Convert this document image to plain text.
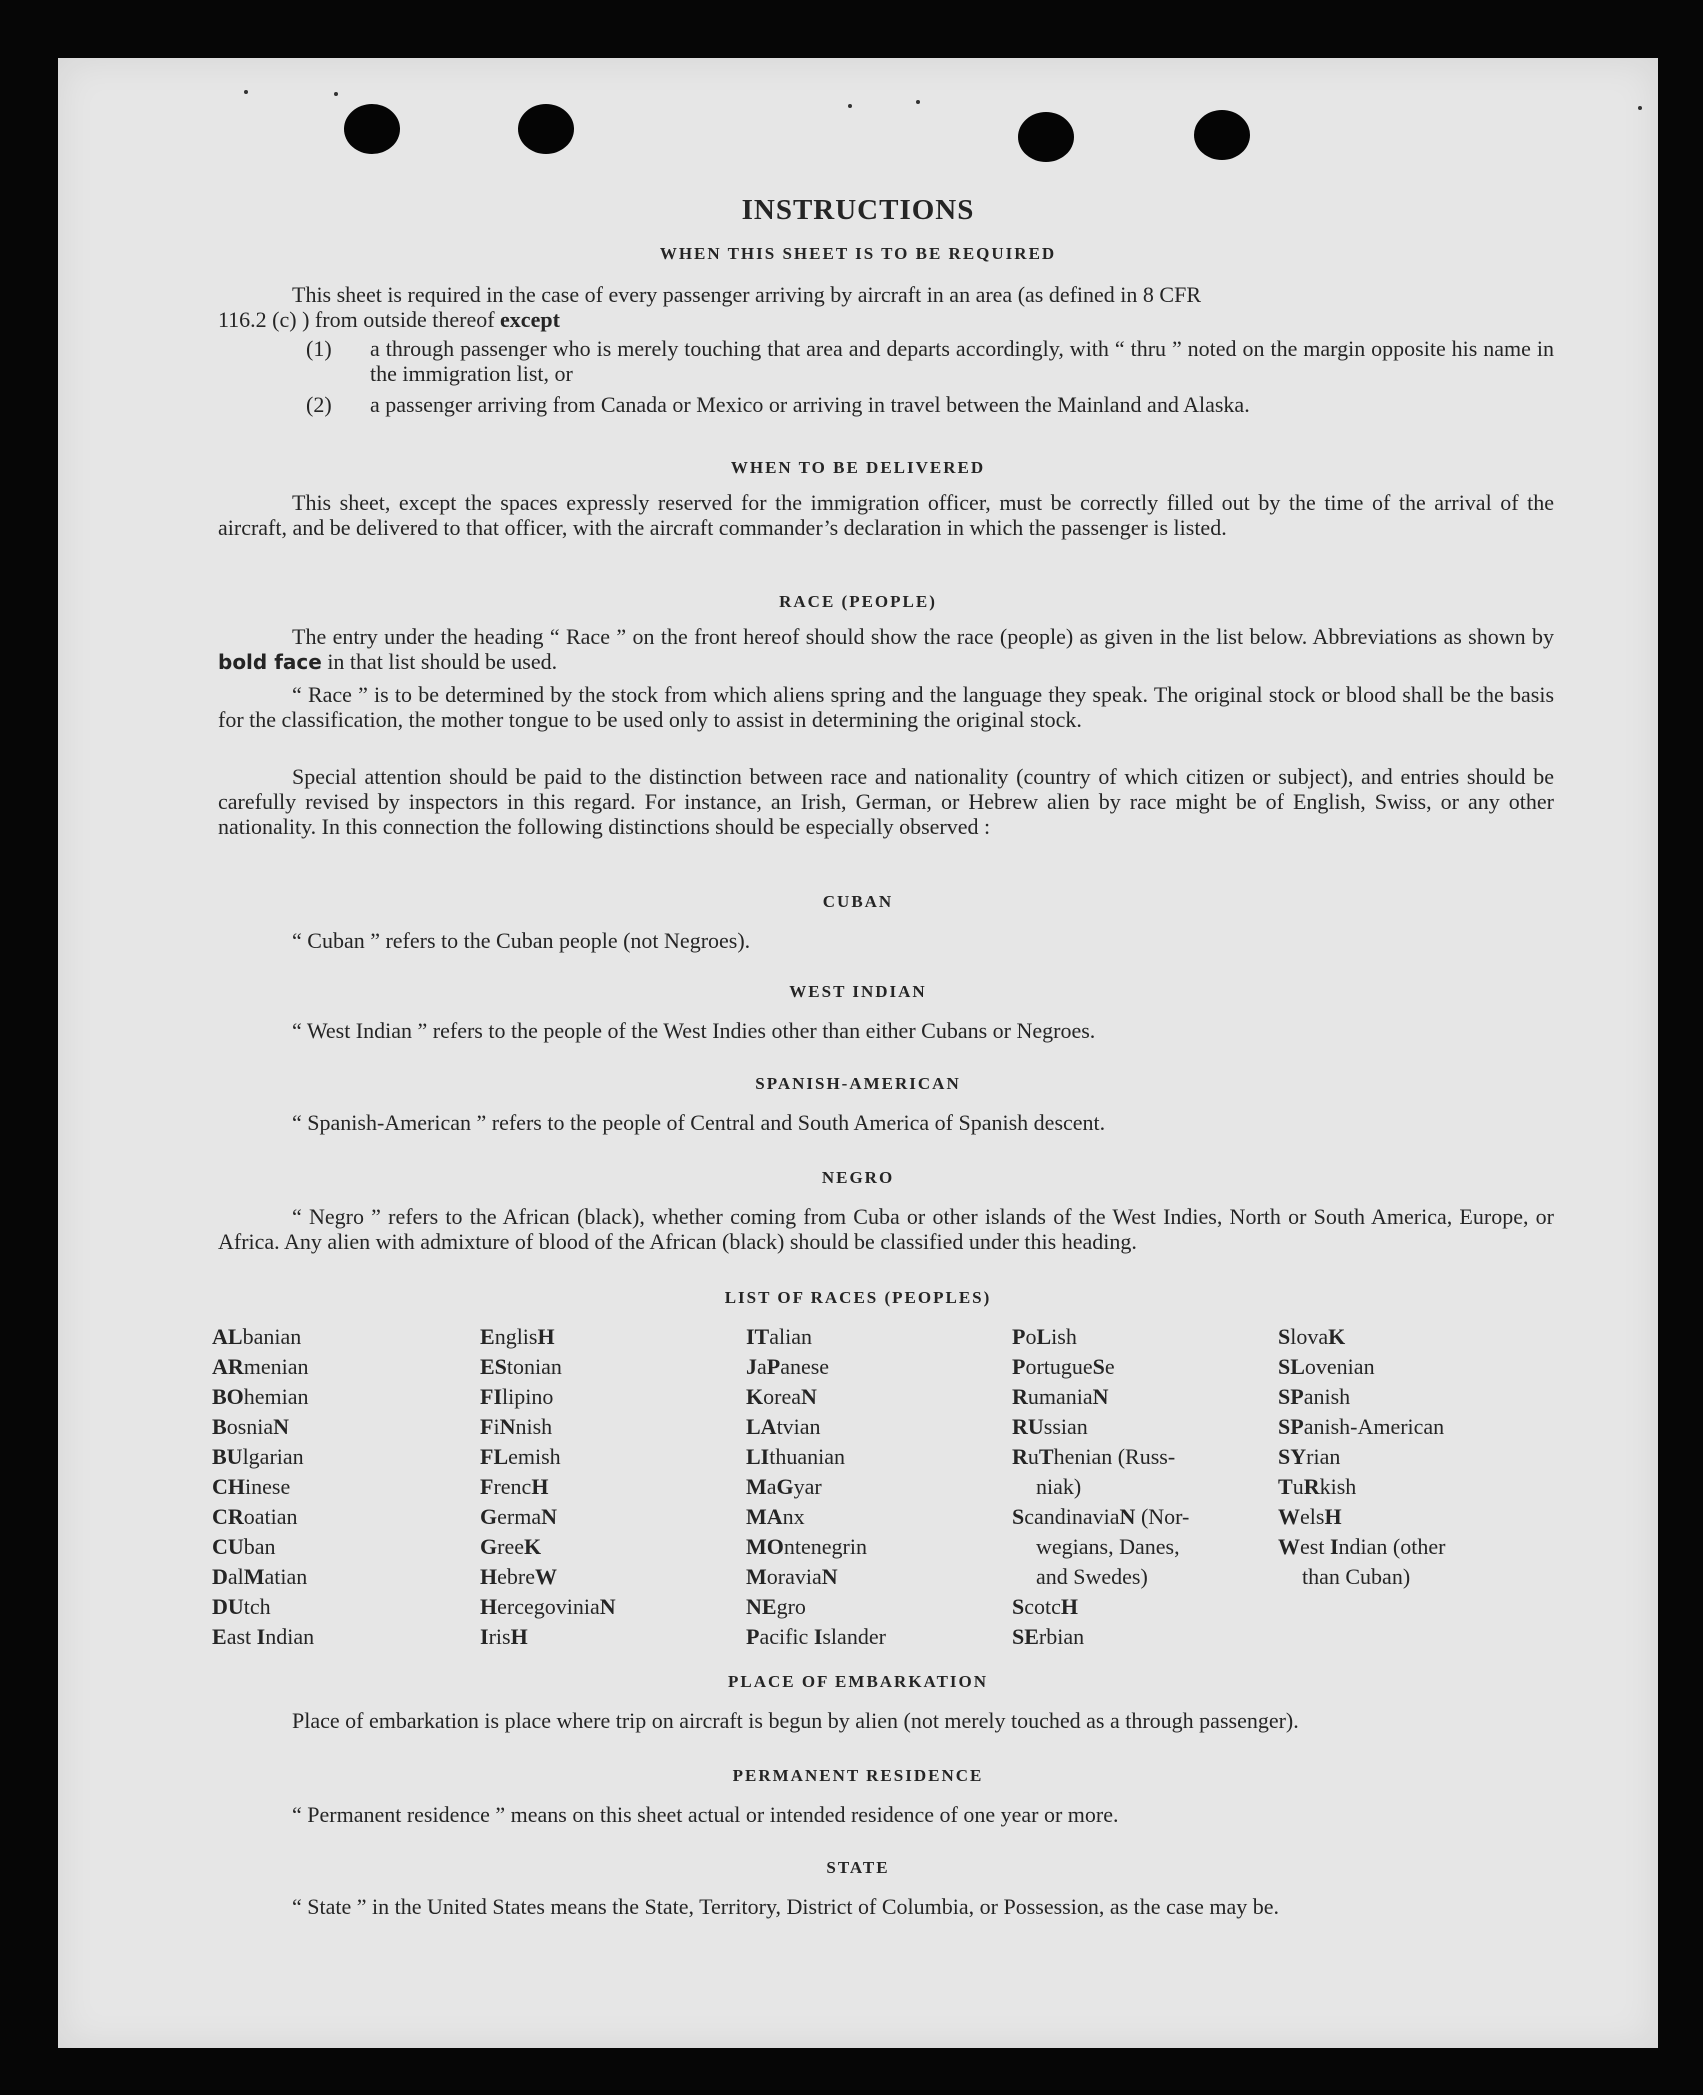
INSTRUCTIONS
WHEN THIS SHEET IS TO BE REQUIRED
This sheet is required in the case of every passenger arriving by aircraft in an area (as defined in 8 CFR
116.2 (c) ) from outside thereof except
(1) a through passenger who is merely touching that area and departs accordingly, with “ thru ” noted on the margin opposite his name in the immigration list, or
(2) a passenger arriving from Canada or Mexico or arriving in travel between the Mainland and Alaska.
WHEN TO BE DELIVERED
This sheet, except the spaces expressly reserved for the immigration officer, must be correctly filled out by the time of the arrival of the aircraft, and be delivered to that officer, with the aircraft commander’s declaration in which the passenger is listed.
RACE (PEOPLE)
The entry under the heading “ Race ” on the front hereof should show the race (people) as given in the list below. Abbreviations as shown by bold face in that list should be used.
“ Race ” is to be determined by the stock from which aliens spring and the language they speak. The original stock or blood shall be the basis for the classification, the mother tongue to be used only to assist in determining the original stock.
Special attention should be paid to the distinction between race and nationality (country of which citizen or subject), and entries should be carefully revised by inspectors in this regard. For instance, an Irish, German, or Hebrew alien by race might be of English, Swiss, or any other nationality. In this connection the following distinctions should be especially observed :
CUBAN
“ Cuban ” refers to the Cuban people (not Negroes).
WEST INDIAN
“ West Indian ” refers to the people of the West Indies other than either Cubans or Negroes.
SPANISH-AMERICAN
“ Spanish-American ” refers to the people of Central and South America of Spanish descent.
NEGRO
“ Negro ” refers to the African (black), whether coming from Cuba or other islands of the West Indies, North or South America, Europe, or Africa. Any alien with admixture of blood of the African (black) should be classified under this heading.
LIST OF RACES (PEOPLES)
ALbanian
ARmenian
BOhemian
BosniaN
BUlgarian
CHinese
CRoatian
CUban
DalMatian
DUtch
East Indian
EnglisH
EStonian
FIlipino
FiNnish
FLemish
FrencH
GermaN
GreeK
HebreW
HercegoviniaN
IrisH
ITalian
JaPanese
KoreaN
LAtvian
LIthuanian
MaGyar
MAnx
MOntenegrin
MoraviaN
NEgro
Pacific Islander
PoLish
PortugueSe
RumaniaN
RUssian
RuThenian (Russ-
niak)
ScandinaviaN (Nor-
wegians, Danes,
and Swedes)
ScotcH
SErbian
SlovaK
SLovenian
SPanish
SPanish-American
SYrian
TuRkish
WelsH
West Indian (other
than Cuban)
PLACE OF EMBARKATION
Place of embarkation is place where trip on aircraft is begun by alien (not merely touched as a through passenger).
PERMANENT RESIDENCE
“ Permanent residence ” means on this sheet actual or intended residence of one year or more.
STATE
“ State ” in the United States means the State, Territory, District of Columbia, or Possession, as the case may be.
